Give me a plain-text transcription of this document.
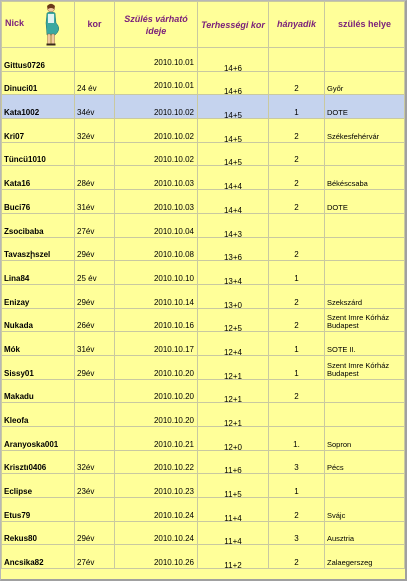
Nick	kor	Szülés várható ideje	Terhességi kor	hányadik	szülés helye
Gittus0726		2010.10.01	14+6		
Dinuci01	24 év	2010.10.01	14+6	2	Győr
Kata1002	34év	2010.10.02	14+5	1	DOTE
Kri07	32év	2010.10.02	14+5	2	Székesfehérvár
Tüncü1010		2010.10.02	14+5	2	
Kata16	28év	2010.10.03	14+4	2	Békéscsaba
Buci76	31év	2010.10.03	14+4	2	DOTE
Zsocibaba	27év	2010.10.04	14+3		
Tavaszիszel	29év	2010.10.08	13+6	2	
Lina84	25 év	2010.10.10	13+4	1	
Enizay	29év	2010.10.14	13+0	2	Szekszárd
Nukada	26év	2010.10.16	12+5	2	Szent Imre Kórház Budapest
Mók	31év	2010.10.17	12+4	1	SOTE II.
Sissy01	29év	2010.10.20	12+1	1	Szent Imre Kórház Budapest
Makadu		2010.10.20	12+1	2	
Kleofa		2010.10.20	12+1		
Aranyoska001		2010.10.21	12+0	1.	Sopron
Krisztı0406	32év	2010.10.22	11+6	3	Pécs
Eclipse	23év	2010.10.23	11+5	1	
Etus79		2010.10.24	11+4	2	Svájc
Rekus80	29év	2010.10.24	11+4	3	Ausztria
Ancsika82	27év	2010.10.26	11+2	2	Zalaegerszeg
